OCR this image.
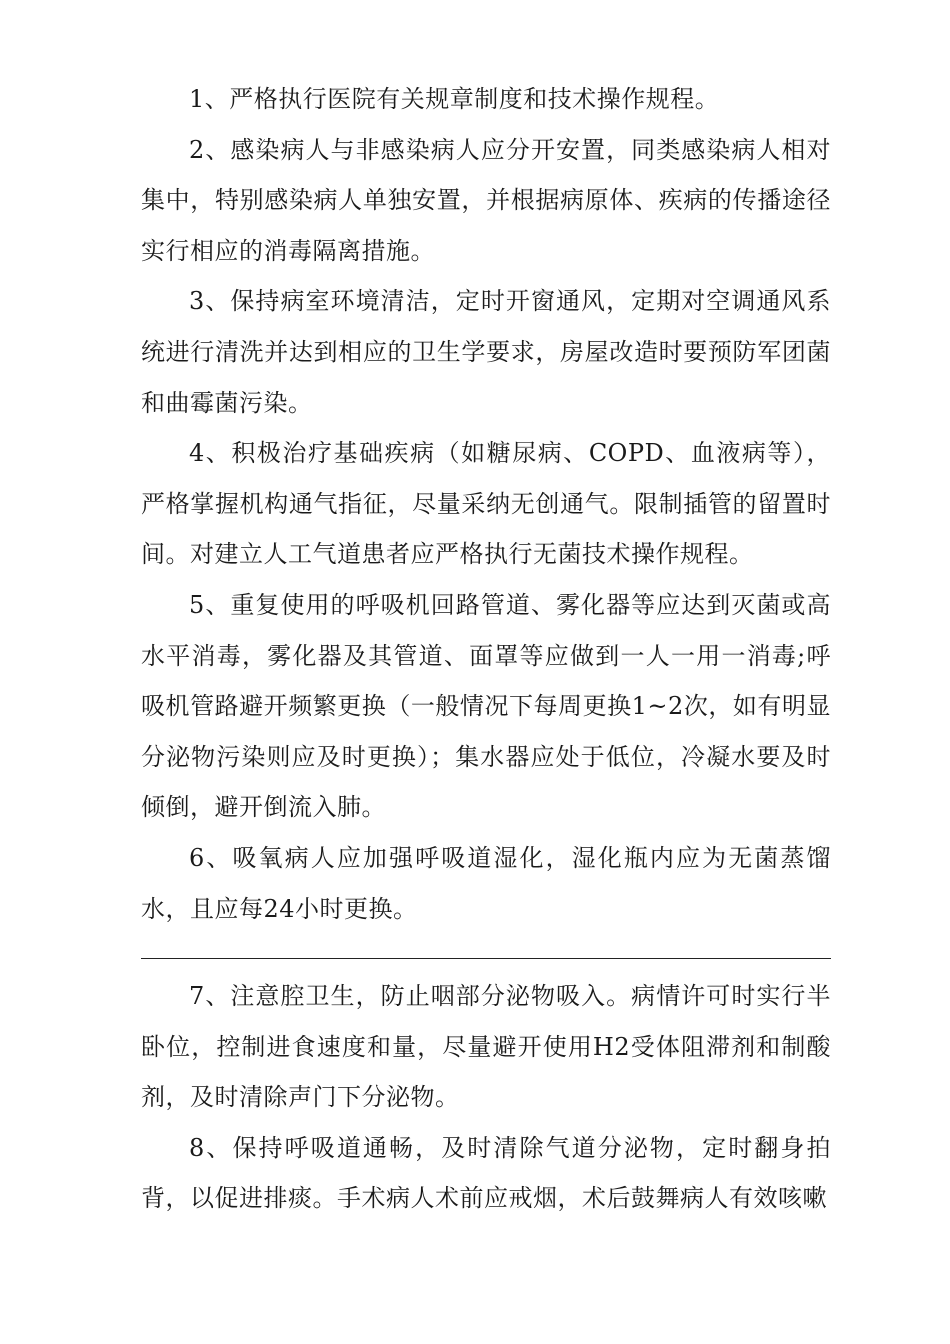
1、严格执行医院有关规章制度和技术操作规程。

2、感染病人与非感染病人应分开安置，同类感染病人相对集中，特别感染病人单独安置，并根据病原体、疾病的传播途径实行相应的消毒隔离措施。

3、保持病室环境清洁，定时开窗通风，定期对空调通风系统进行清洗并达到相应的卫生学要求，房屋改造时要预防军团菌和曲霉菌污染。

4、积极治疗基础疾病（如糖尿病、COPD、血液病等），严格掌握机构通气指征，尽量采纳无创通气。限制插管的留置时间。对建立人工气道患者应严格执行无菌技术操作规程。

5、重复使用的呼吸机回路管道、雾化器等应达到灭菌或高水平消毒，雾化器及其管道、面罩等应做到一人一用一消毒;呼吸机管路避开频繁更换（一般情况下每周更换1~2次，如有明显分泌物污染则应及时更换）；集水器应处于低位，冷凝水要及时倾倒，避开倒流入肺。

6、吸氧病人应加强呼吸道湿化，湿化瓶内应为无菌蒸馏水，且应每24小时更换。

7、注意腔卫生，防止咽部分泌物吸入。病情许可时实行半卧位，控制进食速度和量，尽量避开使用H2受体阻滞剂和制酸剂，及时清除声门下分泌物。

8、保持呼吸道通畅，及时清除气道分泌物，定时翻身拍背，以促进排痰。手术病人术前应戒烟，术后鼓舞病人有效咳嗽
